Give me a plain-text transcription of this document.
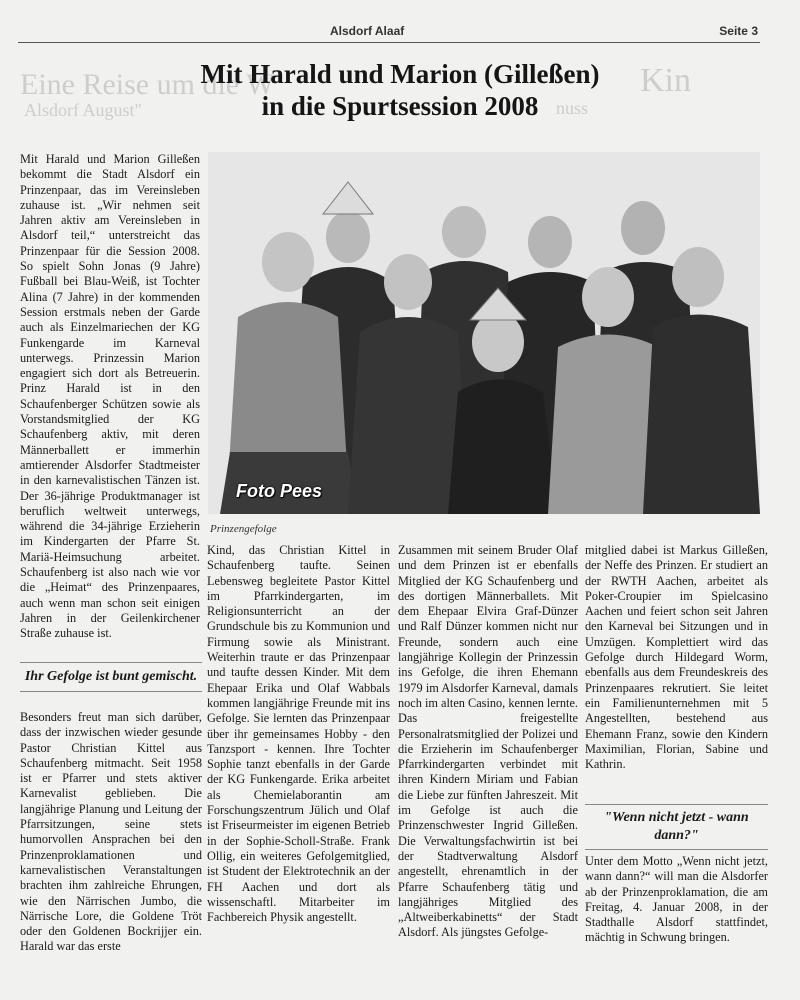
Alsdorf Alaaf	Seite 3
Kin
Eine Reise um die W
nuss
Alsdorf August"
Mit Harald und Marion (Gilleßen)
in die Spurtsession 2008

Mit Harald und Marion Gilleßen bekommt die Stadt Alsdorf ein Prinzenpaar, das im Vereinsleben zuhause ist. „Wir nehmen seit Jahren aktiv am Vereinsleben in Alsdorf teil,“ unterstreicht das Prinzenpaar für die Session 2008. So spielt Sohn Jonas (9 Jahre) Fußball bei Blau-Weiß, ist Tochter Alina (7 Jahre) in der kommenden Session erstmals neben der Garde auch als Einzelmariechen der KG Funkengarde im Karneval unterwegs. Prinzessin Marion engagiert sich dort als Betreuerin. Prinz Harald ist in den Schaufenberger Schützen sowie als Vorstandsmitglied der KG Schaufenberg aktiv, mit deren Männerballett er immerhin amtierender Alsdorfer Stadtmeister in den karnevalistischen Tänzen ist. Der 36-jährige Produktmanager ist beruflich weltweit unterwegs, während die 34-jährige Erzieherin im Kindergarten der Pfarre St. Mariä-Heimsuchung arbeitet. Schaufenberg ist also nach wie vor die „Heimat“ des Prinzenpaares, auch wenn man schon seit einigen Jahren in der Geilenkirchener Straße zuhause ist.

Foto Pees
Prinzengefolge
Ihr Gefolge ist bunt gemischt.

Besonders freut man sich darüber, dass der inzwischen wieder gesunde Pastor Christian Kittel aus Schaufenberg mitmacht. Seit 1958 ist er Pfarrer und stets aktiver Karnevalist geblieben. Die langjährige Planung und Leitung der Pfarrsitzungen, seine stets humorvollen Ansprachen bei den Prinzenproklamationen und karnevalistischen Veranstaltungen brachten ihm zahlreiche Ehrungen, wie den Närrischen Jumbo, die Närrische Lore, die Goldene Tröt oder den Goldenen Bockrijjer ein. Harald war das erste

Kind, das Christian Kittel in Schaufenberg taufte. Seinen Lebensweg begleitete Pastor Kittel im Pfarrkindergarten, im Religionsunterricht an der Grundschule bis zu Kommunion und Firmung sowie als Ministrant. Weiterhin traute er das Prinzenpaar und taufte dessen Kinder. Mit dem Ehepaar Erika und Olaf Wabbals kommen langjährige Freunde mit ins Gefolge. Sie lernten das Prinzenpaar über ihr gemeinsames Hobby - den Tanzsport - kennen. Ihre Tochter Sophie tanzt ebenfalls in der Garde der KG Funkengarde. Erika arbeitet als Chemielaborantin am Forschungszentrum Jülich und Olaf ist Friseurmeister im eigenen Betrieb in der Sophie-Scholl-Straße. Frank Ollig, ein weiteres Gefolgemitglied, ist Student der Elektrotechnik an der FH Aachen und dort als wissenschaftl. Mitarbeiter im Fachbereich Physik angestellt.

Zusammen mit seinem Bruder Olaf und dem Prinzen ist er ebenfalls Mitglied der KG Schaufenberg und des dortigen Männerballets. Mit dem Ehepaar Elvira Graf-Dünzer und Ralf Dünzer kommen nicht nur Freunde, sondern auch eine langjährige Kollegin der Prinzessin ins Gefolge, die ihren Ehemann 1979 im Alsdorfer Karneval, damals noch im alten Casino, kennen lernte. Das freigestellte Personalratsmitglied der Polizei und die Erzieherin im Schaufenberger Pfarrkindergarten verbindet mit ihren Kindern Miriam und Fabian die Liebe zur fünften Jahreszeit. Mit im Gefolge ist auch die Prinzenschwester Ingrid Gilleßen. Die Verwaltungsfachwirtin ist bei der Stadtverwaltung Alsdorf angestellt, ehrenamtlich in der Pfarre Schaufenberg tätig und langjähriges Mitglied des „Altweiberkabinetts“ der Stadt Alsdorf. Als jüngstes Gefolge-

mitglied dabei ist Markus Gilleßen, der Neffe des Prinzen. Er studiert an der RWTH Aachen, arbeitet als Poker-Croupier im Spielcasino Aachen und feiert schon seit Jahren den Karneval bei Sitzungen und in Umzügen. Komplettiert wird das Gefolge durch Hildegard Worm, ebenfalls aus dem Freundeskreis des Prinzenpaares rekrutiert. Sie leitet ein Familienunternehmen mit 5 Angestellten, bestehend aus Ehemann Franz, sowie den Kindern Maximilian, Florian, Sabine und Kathrin.

"Wenn nicht jetzt - wann dann?"

Unter dem Motto „Wenn nicht jetzt, wann dann?“ will man die Alsdorfer ab der Prinzenproklamation, die am Freitag, 4. Januar 2008, in der Stadthalle Alsdorf stattfindet, mächtig in Schwung bringen.
